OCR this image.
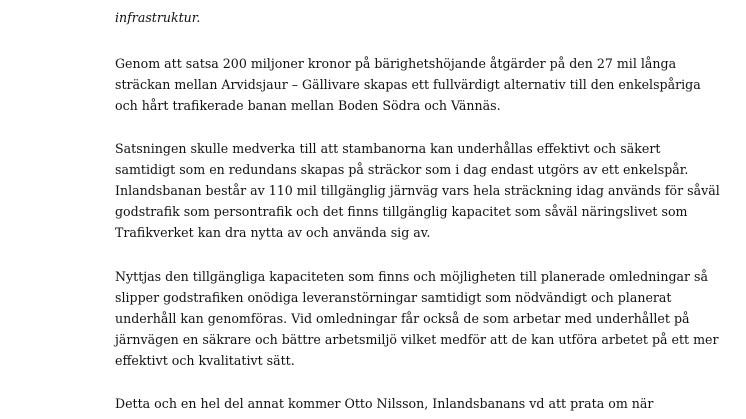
infrastruktur.
Genom att satsa 200 miljoner kronor på bärighetshöjande åtgärder på den 27 mil långa
sträckan mellan Arvidsjaur – Gällivare skapas ett fullvärdigt alternativ till den enkelspåriga
och hårt trafikerade banan mellan Boden Södra och Vännäs.
Satsningen skulle medverka till att stambanorna kan underhållas effektivt och säkert
samtidigt som en redundans skapas på sträckor som i dag endast utgörs av ett enkelspår.
Inlandsbanan består av 110 mil tillgänglig järnväg vars hela sträckning idag används för såväl
godstrafik som persontrafik och det finns tillgänglig kapacitet som såväl näringslivet som
Trafikverket kan dra nytta av och använda sig av.
Nyttjas den tillgängliga kapaciteten som finns och möjligheten till planerade omledningar så
slipper godstrafiken onödiga leveranstörningar samtidigt som nödvändigt och planerat
underhåll kan genomföras. Vid omledningar får också de som arbetar med underhållet på
järnvägen en säkrare och bättre arbetsmiljö vilket medför att de kan utföra arbetet på ett mer
effektivt och kvalitativt sätt.
Detta och en hel del annat kommer Otto Nilsson, Inlandsbanans vd att prata om när
